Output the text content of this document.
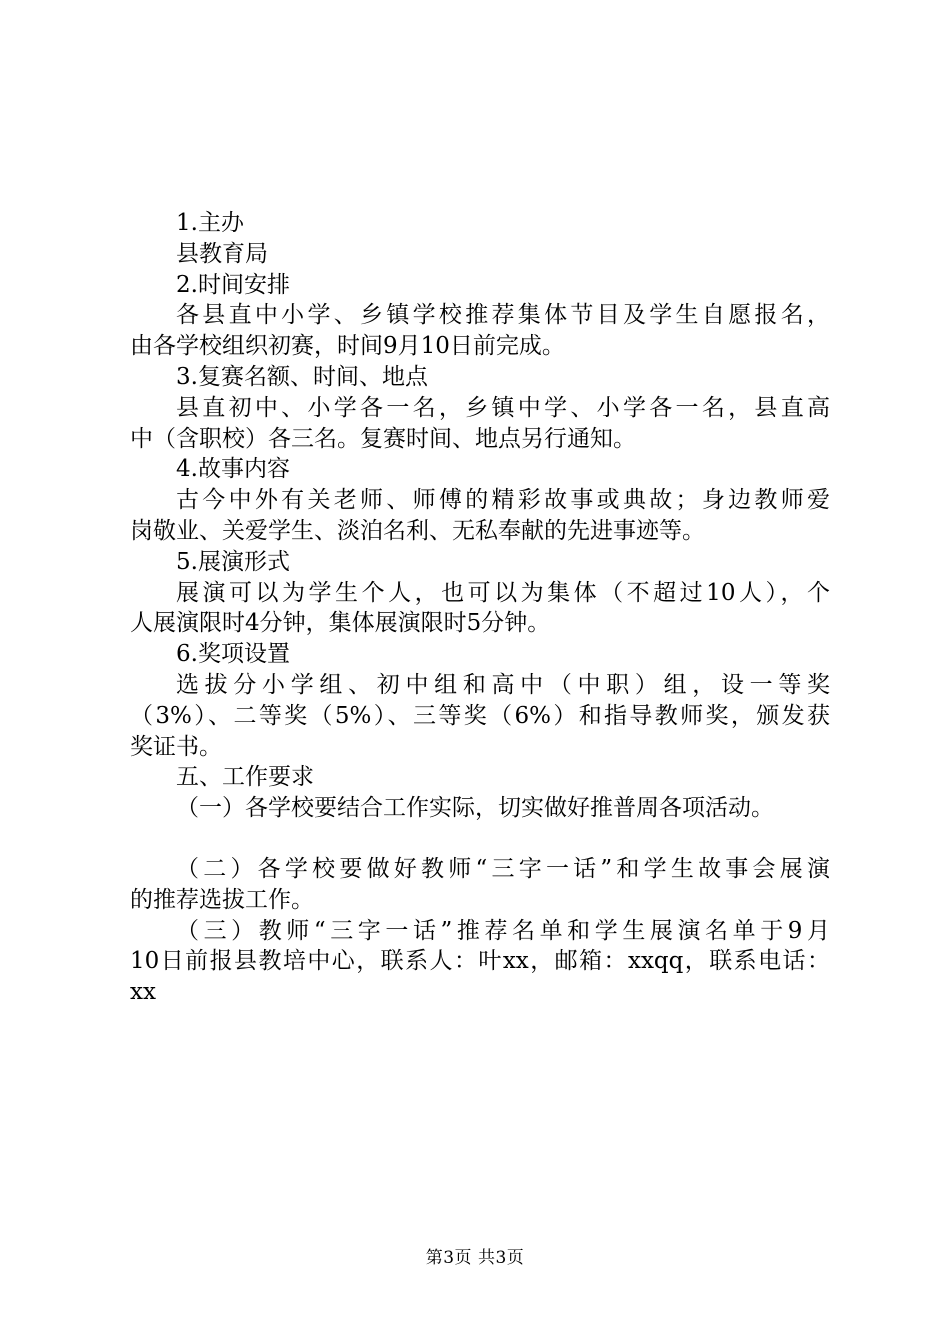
1.主办

县教育局

2.时间安排

各县直中小学、乡镇学校推荐集体节目及学生自愿报名，

由各学校组织初赛，时间9月10日前完成。

3.复赛名额、时间、地点

县直初中、小学各一名，乡镇中学、小学各一名，县直高

中（含职校）各三名。复赛时间、地点另行通知。

4.故事内容

古今中外有关老师、师傅的精彩故事或典故；身边教师爱

岗敬业、关爱学生、淡泊名利、无私奉献的先进事迹等。

5.展演形式

展演可以为学生个人，也可以为集体（不超过10人），个

人展演限时4分钟，集体展演限时5分钟。

6.奖项设置

选拔分小学组、初中组和高中（中职）组，设一等奖

（3%）、二等奖（5%）、三等奖（6%）和指导教师奖，颁发获

奖证书。

五、工作要求

（一）各学校要结合工作实际，切实做好推普周各项活动。

（二）各学校要做好教师“三字一话”和学生故事会展演

的推荐选拔工作。

（三）教师“三字一话”推荐名单和学生展演名单于9月

10日前报县教培中心，联系人：叶xx，邮箱：xxqq，联系电话：

xx

第3页 共3页
